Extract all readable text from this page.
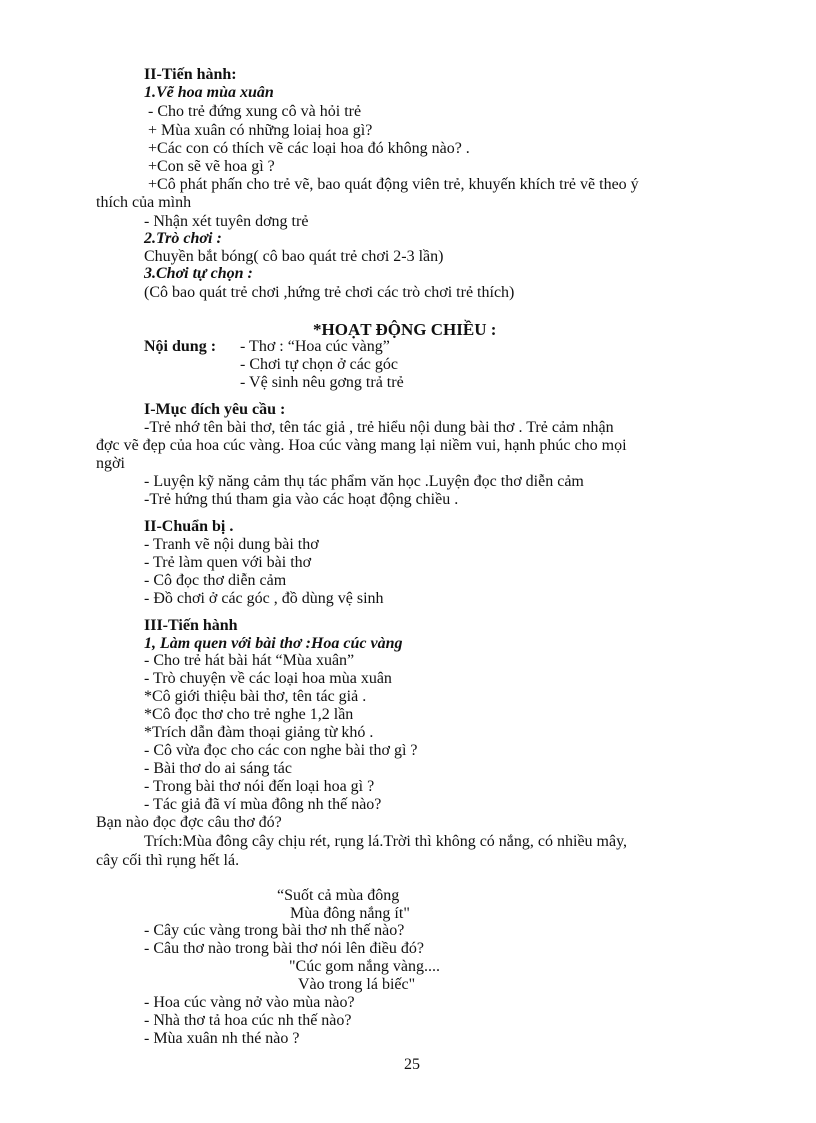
II-Tiến hành:
1.Vẽ hoa mùa xuân
- Cho trẻ đứng xung cô và hỏi trẻ
+ Mùa xuân có những loiaị hoa gì?
+Các con có thích vẽ các loại hoa đó không nào? .
+Con sẽ vẽ hoa gì ?
+Cô phát phấn cho trẻ vẽ, bao quát động viên trẻ, khuyến khích trẻ vẽ theo ý
thích của mình
- Nhận xét tuyên dơng trẻ
2.Trò chơi :
Chuyền bắt bóng( cô bao quát trẻ chơi 2-3 lần)
3.Chơi tự chọn :
(Cô bao quát trẻ chơi ,hứng trẻ chơi các trò chơi trẻ thích)
*HOẠT ĐỘNG CHIỀU :
Nội dung : - Thơ : “Hoa cúc vàng”
- Chơi tự chọn ở các góc
- Vệ sinh nêu gơng trả trẻ
I-Mục đích yêu cầu :
-Trẻ nhớ tên bài thơ, tên tác giả , trẻ hiểu nội dung bài thơ . Trẻ cảm nhận
đợc vẽ đẹp của hoa cúc vàng. Hoa cúc vàng mang lại niềm vui, hạnh phúc cho mọi
ngời
- Luyện kỹ năng cảm thụ tác phẩm văn học .Luyện đọc thơ diễn cảm
-Trẻ hứng thú tham gia vào các hoạt động chiều .
II-Chuẩn bị .
- Tranh vẽ nội dung bài thơ
- Trẻ làm quen với bài thơ
- Cô đọc thơ diễn cảm
- Đồ chơi ở các góc , đồ dùng vệ sinh
III-Tiến hành
1, Làm quen với bài thơ :Hoa cúc vàng
- Cho trẻ hát bài hát “Mùa xuân”
- Trò chuyện về các loại hoa mùa xuân
*Cô giới thiệu bài thơ, tên tác giả .
*Cô đọc thơ cho trẻ nghe 1,2 lần
*Trích dẫn đàm thoại giảng từ khó .
- Cô vừa đọc cho các con nghe bài thơ gì ?
- Bài thơ do ai sáng tác
- Trong bài thơ nói đến loại hoa gì ?
- Tác giả đã ví mùa đông nh thế nào?
Bạn nào đọc đợc câu thơ đó?
Trích:Mùa đông cây chịu rét, rụng lá.Trời thì không có nắng, có nhiều mây,
cây cối thì rụng hết lá.
“Suốt cả mùa đông
Mùa đông nắng ít"
- Cây cúc vàng trong bài thơ nh thế nào?
- Câu thơ nào trong bài thơ nói lên điều đó?
"Cúc gom nắng vàng....
Vào trong lá biếc"
- Hoa cúc vàng nở vào mùa nào?
- Nhà thơ tả hoa cúc nh thế nào?
- Mùa xuân nh thé nào ?
25
